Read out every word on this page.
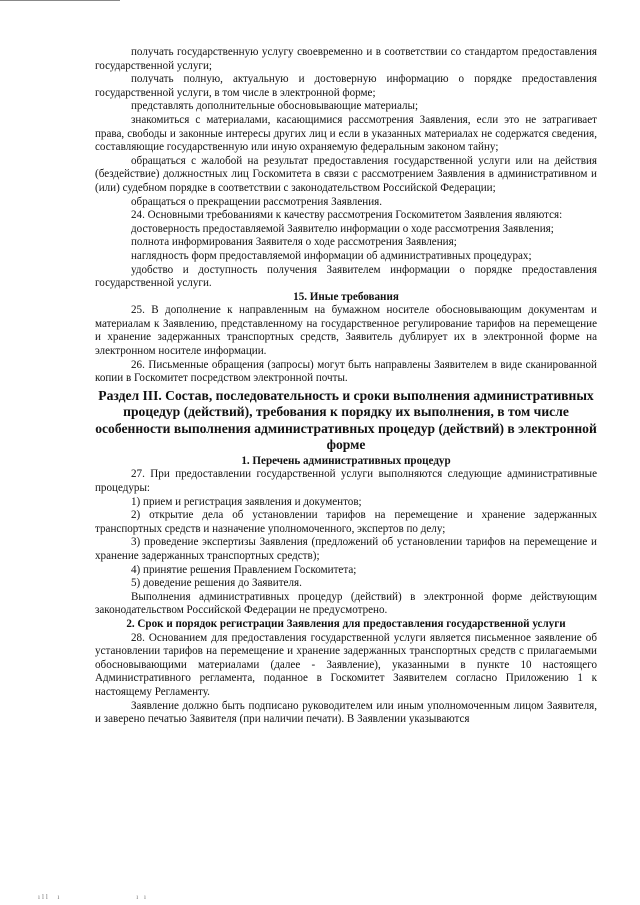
получать государственную услугу своевременно и в соответствии со стандартом предоставления государственной услуги;

получать полную, актуальную и достоверную информацию о порядке предоставления государственной услуги, в том числе в электронной форме;

представлять дополнительные обосновывающие материалы;

знакомиться с материалами, касающимися рассмотрения Заявления, если это не затрагивает права, свободы и законные интересы других лиц и если в указанных материалах не содержатся сведения, составляющие государственную или иную охраняемую федеральным законом тайну;

обращаться с жалобой на результат предоставления государственной услуги или на действия (бездействие) должностных лиц Госкомитета в связи с рассмотрением Заявления в административном и (или) судебном порядке в соответствии с законодательством Российской Федерации;

обращаться о прекращении рассмотрения Заявления.

24. Основными требованиями к качеству рассмотрения Госкомитетом Заявления являются:

достоверность предоставляемой Заявителю информации о ходе рассмотрения Заявления;

полнота информирования Заявителя о ходе рассмотрения Заявления;

наглядность форм предоставляемой информации об административных процедурах;

удобство и доступность получения Заявителем информации о порядке предоставления государственной услуги.

15. Иные требования

25. В дополнение к направленным на бумажном носителе обосновывающим документам и материалам к Заявлению, представленному на государственное регулирование тарифов на перемещение и хранение задержанных транспортных средств, Заявитель дублирует их в электронной форме на электронном носителе информации.

26. Письменные обращения (запросы) могут быть направлены Заявителем в виде сканированной копии в Госкомитет посредством электронной почты.

Раздел III. Состав, последовательность и сроки выполнения административных процедур (действий), требования к порядку их выполнения, в том числе особенности выполнения административных процедур (действий) в электронной форме

1. Перечень административных процедур

27. При предоставлении государственной услуги выполняются следующие административные процедуры:

1) прием и регистрация заявления и документов;

2) открытие дела об установлении тарифов на перемещение и хранение задержанных транспортных средств и назначение уполномоченного, экспертов по делу;

3) проведение экспертизы Заявления (предложений об установлении тарифов на перемещение и хранение задержанных транспортных средств);

4) принятие решения Правлением Госкомитета;

5) доведение решения до Заявителя.

Выполнения административных процедур (действий) в электронной форме действующим законодательством Российской Федерации не предусмотрено.

2. Срок и порядок регистрации Заявления для предоставления государственной услуги

28. Основанием для предоставления государственной услуги является письменное заявление об установлении тарифов на перемещение и хранение задержанных транспортных средств с прилагаемыми обосновывающими материалами (далее - Заявление), указанными в пункте 10 настоящего Административного регламента, поданное в Госкомитет Заявителем согласно Приложению 1 к настоящему Регламенту.

Заявление должно быть подписано руководителем или иным уполномоченным лицом Заявителя, и заверено печатью Заявителя (при наличии печати). В Заявлении указываются

ıll  ı                    ı ı
